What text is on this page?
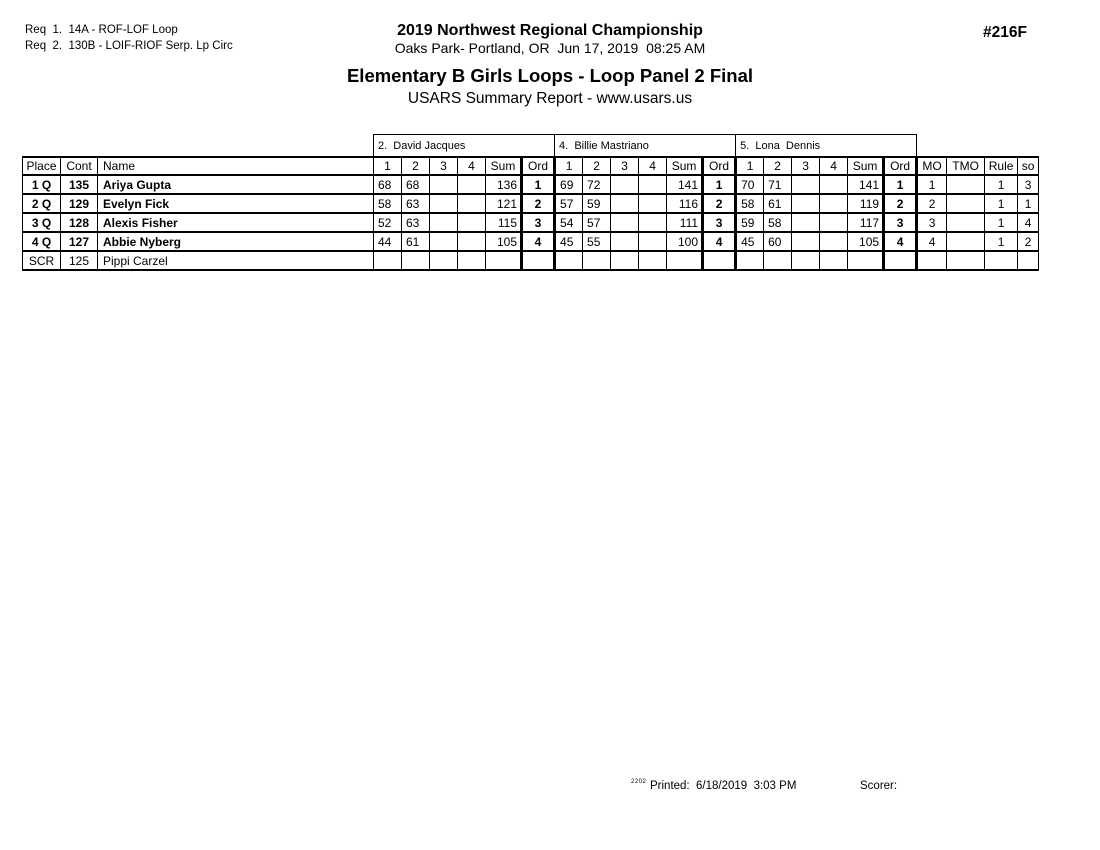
Req  1.  14A - ROF-LOF Loop
Req  2.  130B - LOIF-RIOF Serp. Lp Circ
2019 Northwest Regional Championship
Oaks Park- Portland, OR  Jun 17, 2019  08:25 AM
Elementary B Girls Loops - Loop Panel 2 Final
USARS Summary Report - www.usars.us
#216F
			2.  David Jacques						4.  Billie Mastriano						5.  Lona  Dennis									
Place	Cont	Name	1	2	3	4	Sum	Ord	1	2	3	4	Sum	Ord	1	2	3	4	Sum	Ord	MO	TMO	Rule	so
1 Q	135	Ariya Gupta	68	68			136	1	69	72			141	1	70	71			141	1	1		1	3
2 Q	129	Evelyn Fick	58	63			121	2	57	59			116	2	58	61			119	2	2		1	1
3 Q	128	Alexis Fisher	52	63			115	3	54	57			111	3	59	58			117	3	3		1	4
4 Q	127	Abbie Nyberg	44	61			105	4	45	55			100	4	45	60			105	4	4		1	2
SCR	125	Pippi Carzel																						
2202 Printed:  6/18/2019  3:03 PM	Scorer:
